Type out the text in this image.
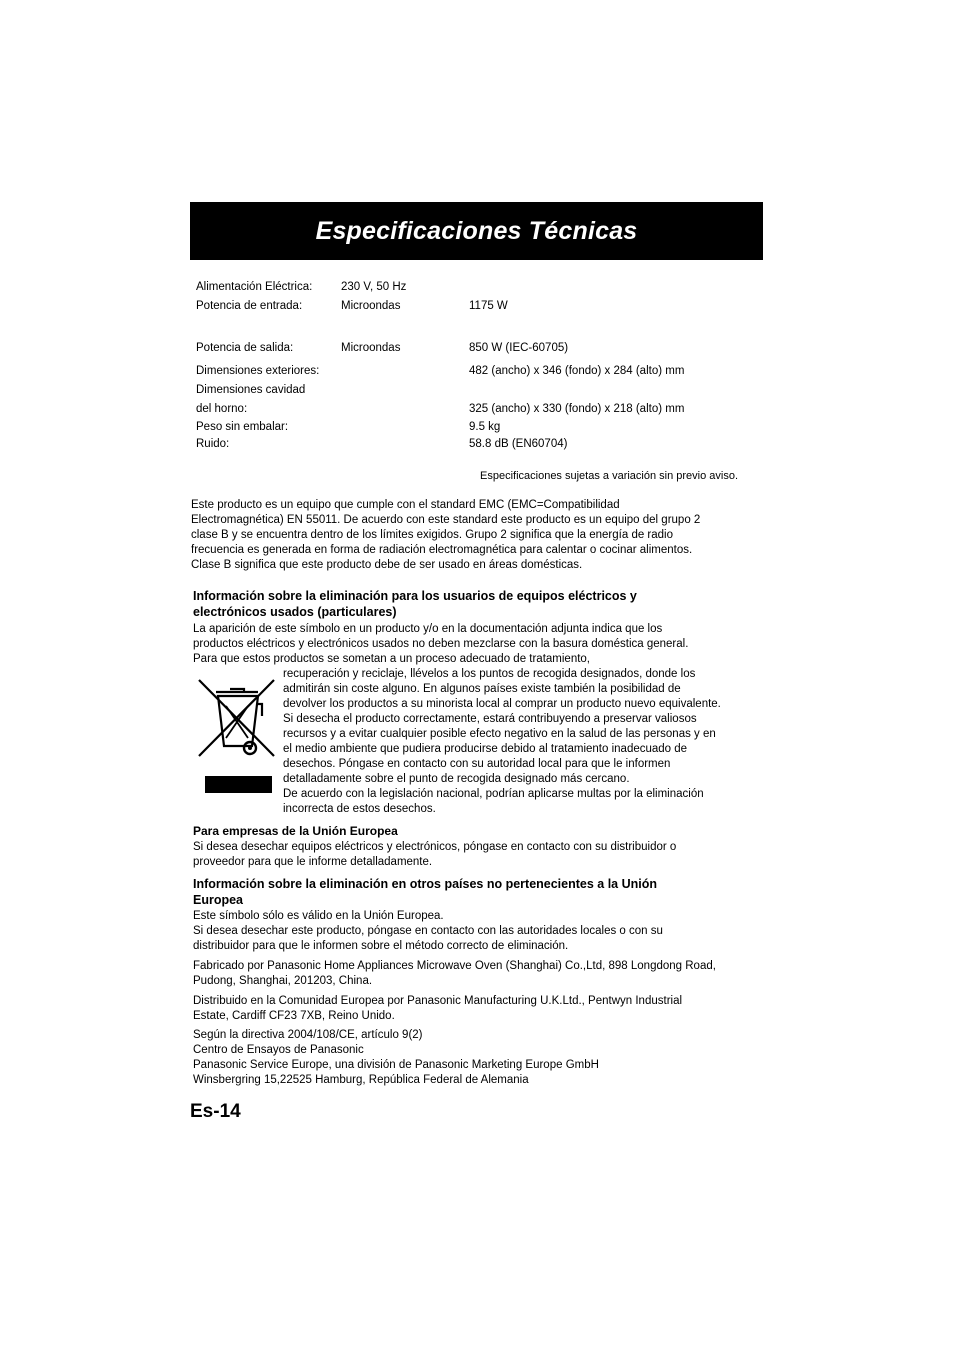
Especificaciones Técnicas
Alimentación Eléctrica: 230 V, 50 Hz
Potencia de entrada:	Microondas	1175 W
Potencia de salida:	Microondas	850 W (IEC-60705)
Dimensiones exteriores:	482 (ancho) x 346 (fondo) x 284 (alto) mm
Dimensiones cavidad
del horno:	325 (ancho) x 330 (fondo) x 218 (alto) mm
Peso sin embalar:	9.5 kg
Ruido:	58.8 dB (EN60704)
Especificaciones sujetas a variación sin previo aviso.

Este producto es un equipo que cumple con el standard EMC (EMC=Compatibilidad
Electromagnética) EN 55011. De acuerdo con este standard este producto es un equipo del grupo 2
clase B y se encuentra dentro de los límites exigidos. Grupo 2 significa que la energía de radio
frecuencia es generada en forma de radiación electromagnética para calentar o cocinar alimentos.
Clase B significa que este producto debe de ser usado en áreas domésticas.

Información sobre la eliminación para los usuarios de equipos eléctricos y
electrónicos usados (particulares)

La aparición de este símbolo en un producto y/o en la documentación adjunta indica que los
productos eléctricos y electrónicos usados no deben mezclarse con la basura doméstica general.
Para que estos productos se sometan a un proceso adecuado de tratamiento,

recuperación y reciclaje, llévelos a los puntos de recogida designados, donde los
admitirán sin coste alguno. En algunos países existe también la posibilidad de
devolver los productos a su minorista local al comprar un producto nuevo equivalente.
Si desecha el producto correctamente, estará contribuyendo a preservar valiosos
recursos y a evitar cualquier posible efecto negativo en la salud de las personas y en
el medio ambiente que pudiera producirse debido al tratamiento inadecuado de
desechos. Póngase en contacto con su autoridad local para que le informen
detalladamente sobre el punto de recogida designado más cercano.
De acuerdo con la legislación nacional, podrían aplicarse multas por la eliminación
incorrecta de estos desechos.

Para empresas de la Unión Europea

Si desea desechar equipos eléctricos y electrónicos, póngase en contacto con su distribuidor o
proveedor para que le informe detalladamente.

Información sobre la eliminación en otros países no pertenecientes a la Unión
Europea

Este símbolo sólo es válido en la Unión Europea.
Si desea desechar este producto, póngase en contacto con las autoridades locales o con su
distribuidor para que le informen sobre el método correcto de eliminación.

Fabricado por Panasonic Home Appliances Microwave Oven (Shanghai) Co.,Ltd, 898 Longdong Road,
Pudong, Shanghai, 201203, China.

Distribuido en la Comunidad Europea por Panasonic Manufacturing U.K.Ltd., Pentwyn Industrial
Estate, Cardiff CF23 7XB, Reino Unido.

Según la directiva 2004/108/CE, artículo 9(2)
Centro de Ensayos de Panasonic
Panasonic Service Europe, una división de Panasonic Marketing Europe GmbH
Winsbergring 15,22525 Hamburg, República Federal de Alemania

Es-14
